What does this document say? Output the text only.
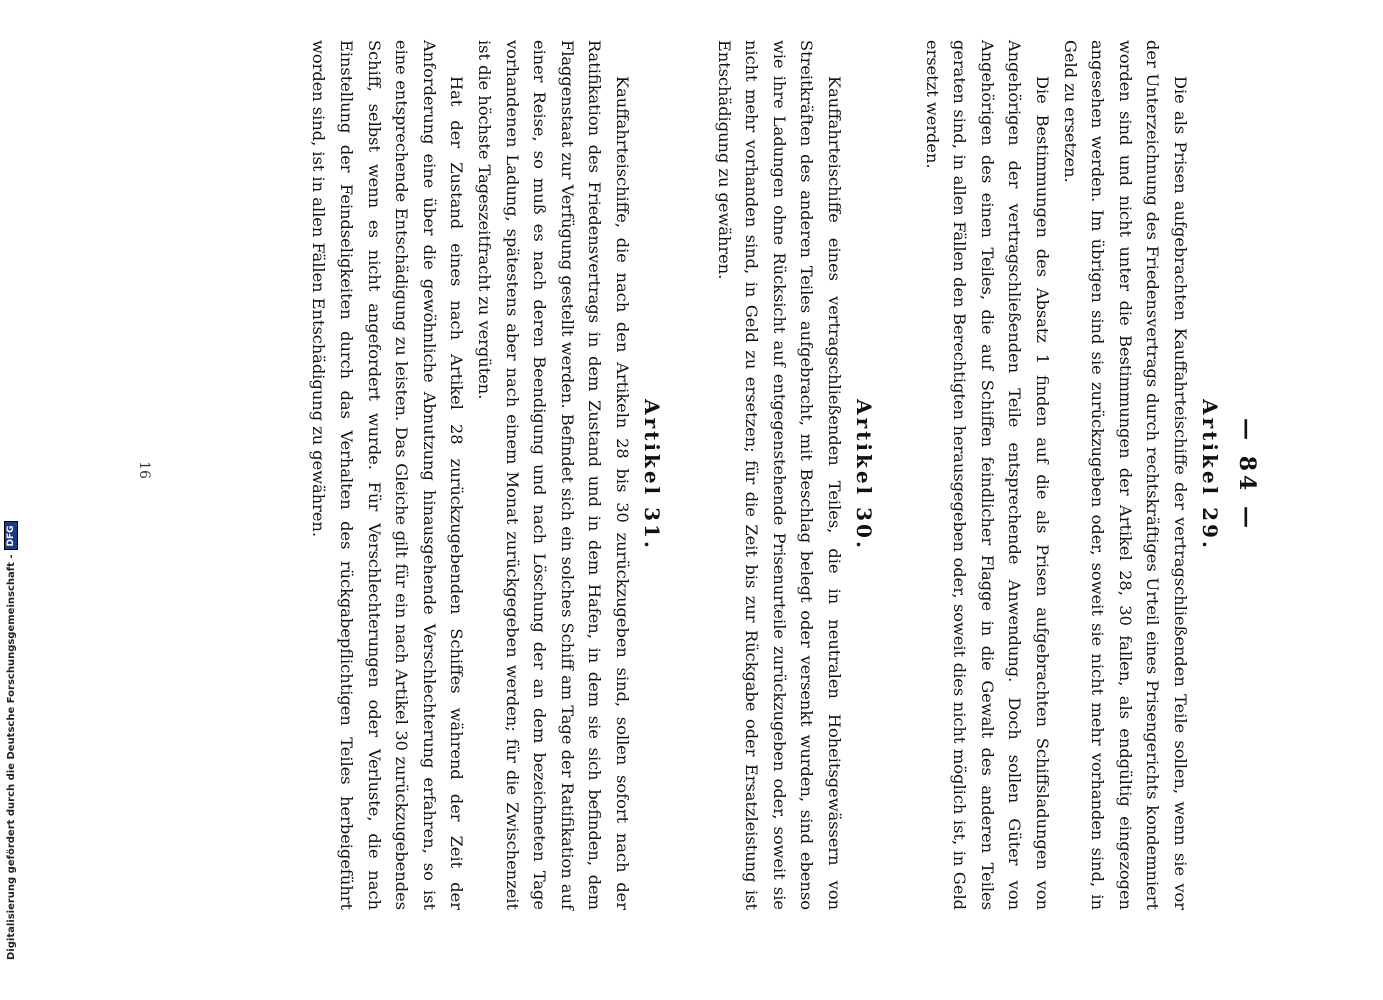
— 84 —
Artikel 29.

Die als Prisen aufgebrachten Kauffahrteischiffe der vertragschließenden Teile sollen, wenn sie vor der Unterzeichnung des Friedensvertrags durch rechtskräftiges Urteil eines Prisengerichts kondemniert worden sind und nicht unter die Bestimmungen der Artikel 28, 30 fallen, als endgültig eingezogen angesehen werden. Im übrigen sind sie zurückzugeben oder, soweit sie nicht mehr vorhanden sind, in Geld zu ersetzen.

Die Bestimmungen des Absatz 1 finden auf die als Prisen aufgebrachten Schiffsladungen von Angehörigen der vertragschließenden Teile entsprechende Anwendung. Doch sollen Güter von Angehörigen des einen Teiles, die auf Schiffen feindlicher Flagge in die Gewalt des anderen Teiles geraten sind, in allen Fällen den Berechtigten herausgegeben oder, soweit dies nicht möglich ist, in Geld ersetzt werden.

Artikel 30.

Kauffahrteischiffe eines vertragschließenden Teiles, die in neutralen Hoheitsgewässern von Streitkräften des anderen Teiles aufgebracht, mit Beschlag belegt oder versenkt wurden, sind ebenso wie ihre Ladungen ohne Rücksicht auf entgegenstehende Prisenurteile zurückzugeben oder, soweit sie nicht mehr vorhanden sind, in Geld zu ersetzen; für die Zeit bis zur Rückgabe oder Ersatzleistung ist Entschädigung zu gewähren.

Artikel 31.

Kauffahrteischiffe, die nach den Artikeln 28 bis 30 zurückzugeben sind, sollen sofort nach der Ratifikation des Friedensvertrags in dem Zustand und in dem Hafen, in dem sie sich befinden, dem Flaggenstaat zur Verfügung gestellt werden. Befindet sich ein solches Schiff am Tage der Ratifikation auf einer Reise, so muß es nach deren Beendigung und nach Löschung der an dem bezeichneten Tage vorhandenen Ladung, spätestens aber nach einem Monat zurückgegeben werden; für die Zwischenzeit ist die höchste Tageszeitfracht zu vergüten.

Hat der Zustand eines nach Artikel 28 zurückzugebenden Schiffes während der Zeit der Anforderung eine über die gewöhnliche Abnutzung hinausgehende Verschlechterung erfahren, so ist eine entsprechende Entschädigung zu leisten. Das Gleiche gilt für ein nach Artikel 30 zurückzugebendes Schiff, selbst wenn es nicht angefordert wurde. Für Verschlechterungen oder Verluste, die nach Einstellung der Feindseligkeiten durch das Verhalten des rückgabepflichtigen Teiles herbeigeführt worden sind, ist in allen Fällen Entschädigung zu gewähren.

16
Digitalisierung gefördert durch die Deutsche Forschungsgemeinschaft -
DFG
